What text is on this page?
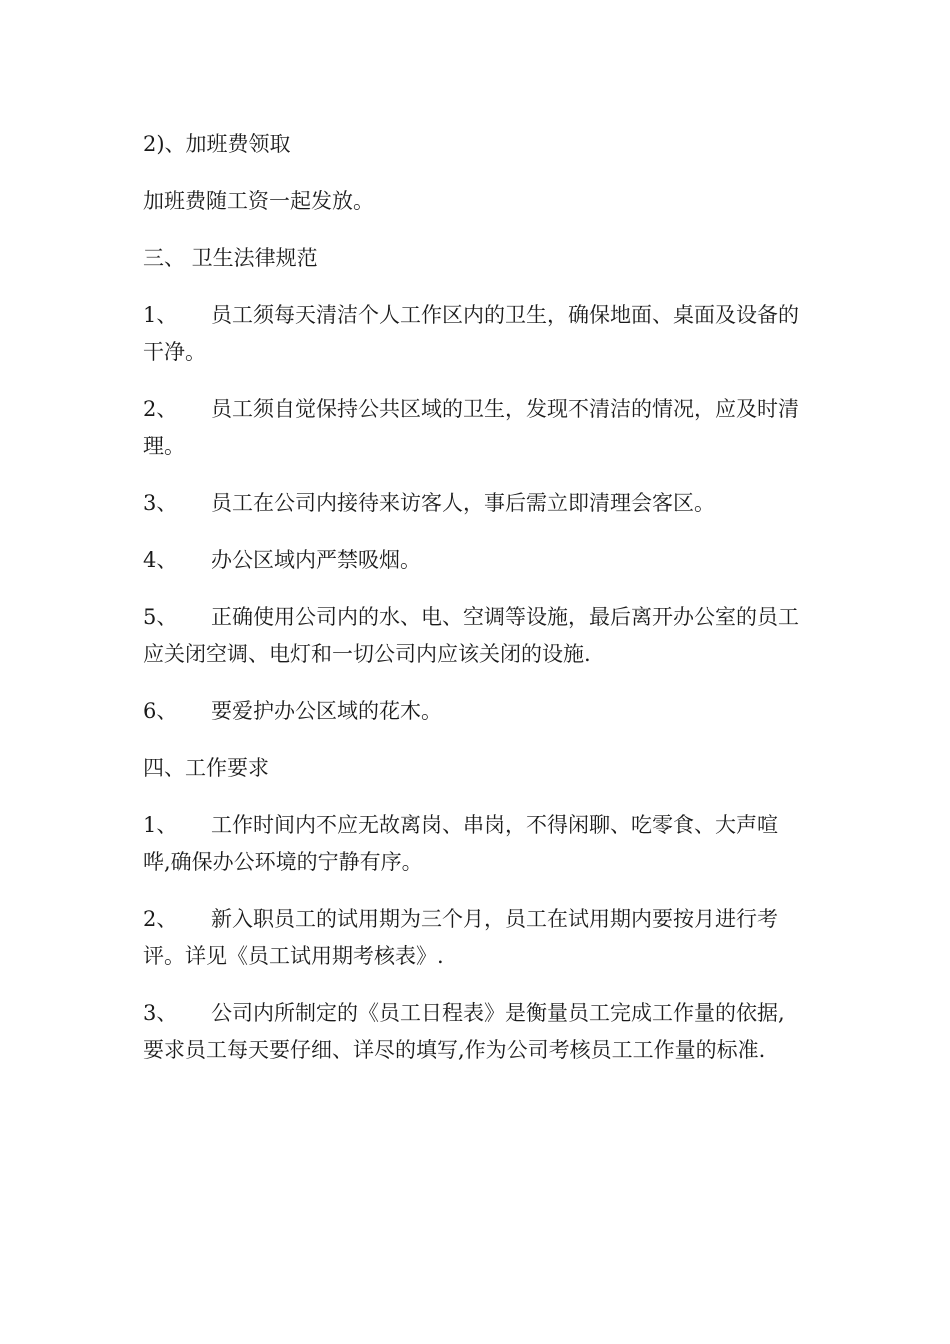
2)、加班费领取

加班费随工资一起发放。

三、 卫生法律规范

1、 员工须每天清洁个人工作区内的卫生，确保地面、桌面及设备的干净。

2、 员工须自觉保持公共区域的卫生，发现不清洁的情况，应及时清理。

3、 员工在公司内接待来访客人，事后需立即清理会客区。

4、 办公区域内严禁吸烟。

5、 正确使用公司内的水、电、空调等设施，最后离开办公室的员工应关闭空调、电灯和一切公司内应该关闭的设施.

6、 要爱护办公区域的花木。

四、工作要求

1、 工作时间内不应无故离岗、串岗，不得闲聊、吃零食、大声喧哗,确保办公环境的宁静有序。

2、 新入职员工的试用期为三个月，员工在试用期内要按月进行考评。详见《员工试用期考核表》.

3、 公司内所制定的《员工日程表》是衡量员工完成工作量的依据,要求员工每天要仔细、详尽的填写,作为公司考核员工工作量的标准.
